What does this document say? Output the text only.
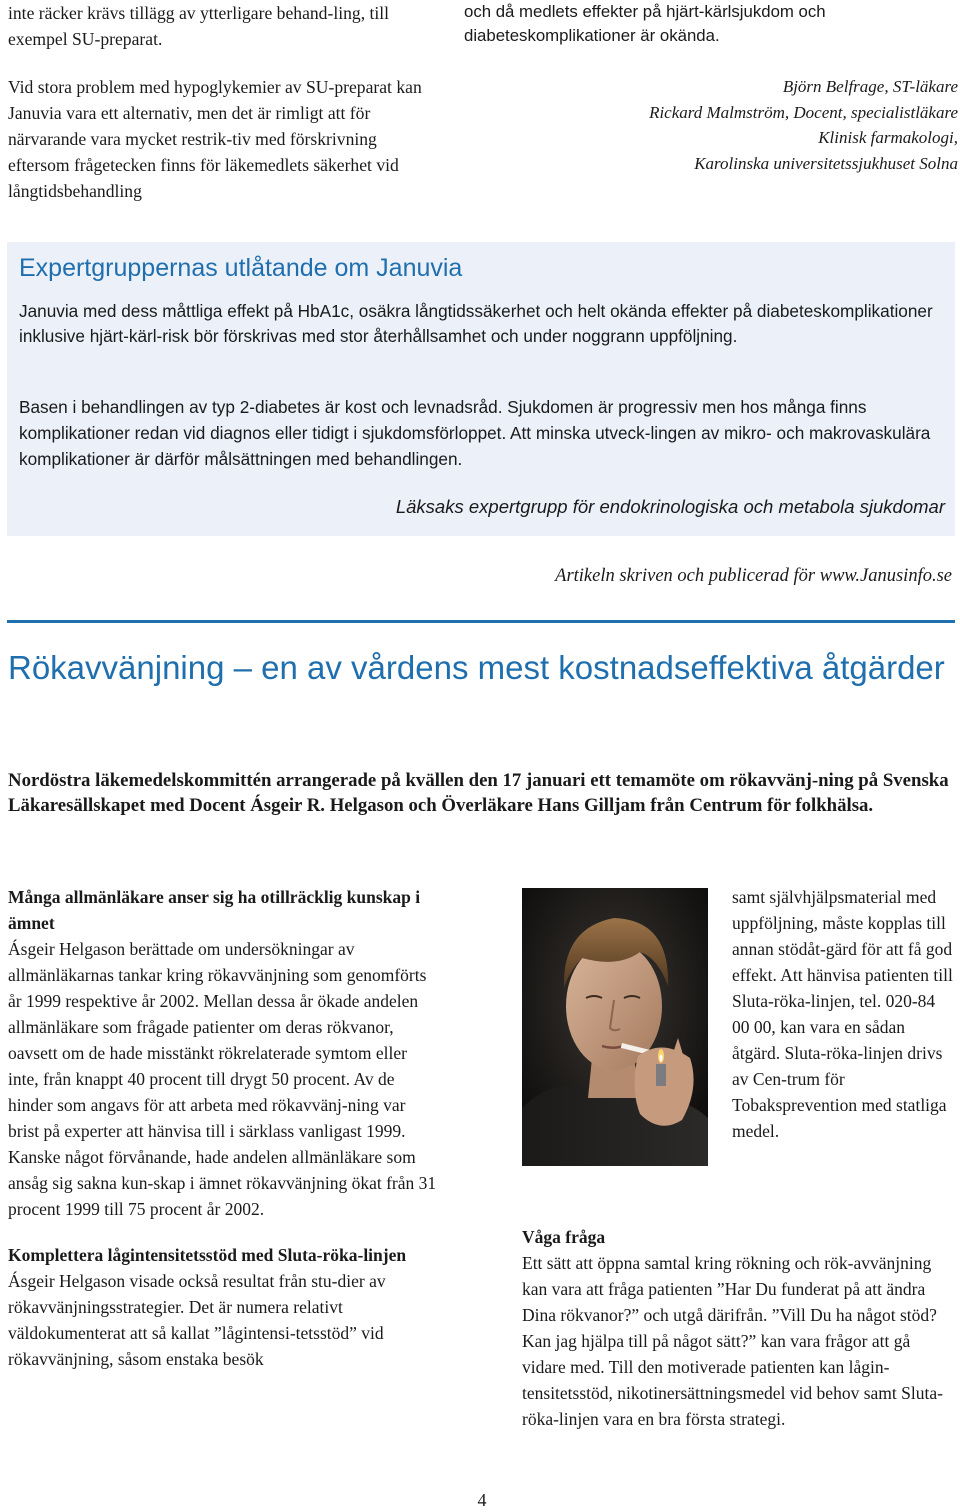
inte räcker krävs tillägg av ytterligare behand-ling, till exempel SU-preparat.

Vid stora problem med hypoglykemier av SU-preparat kan Januvia vara ett alternativ, men det är rimligt att för närvarande vara mycket restrik-tiv med förskrivning eftersom frågetecken finns för läkemedlets säkerhet vid långtidsbehandling

och då medlets effekter på hjärt-kärlsjukdom och diabeteskomplikationer är okända.

Björn Belfrage, ST-läkare
Rickard Malmström, Docent, specialistläkare
Klinisk farmakologi,
Karolinska universitetssjukhuset Solna
Expertgruppernas utlåtande om Januvia

Januvia med dess måttliga effekt på HbA1c, osäkra långtidssäkerhet och helt okända effekter på diabeteskomplikationer inklusive hjärt-kärl-risk bör förskrivas med stor återhållsamhet och under noggrann uppföljning.

Basen i behandlingen av typ 2-diabetes är kost och levnadsråd. Sjukdomen är progressiv men hos många finns komplikationer redan vid diagnos eller tidigt i sjukdomsförloppet. Att minska utveck-lingen av mikro- och makrovaskulära komplikationer är därför målsättningen med behandlingen.

Läksaks expertgrupp för endokrinologiska och metabola sjukdomar
Artikeln skriven och publicerad för www.Janusinfo.se
Rökavvänjning – en av vårdens mest kostnadseffektiva åtgärder

Nordöstra läkemedelskommittén arrangerade på kvällen den 17 januari ett temamöte om rökavvänj-ning på Svenska Läkaresällskapet med Docent Ásgeir R. Helgason och Överläkare Hans Gilljam från Centrum för folkhälsa.

Många allmänläkare anser sig ha otillräcklig kunskap i ämnet

Ásgeir Helgason berättade om undersökningar av allmänläkarnas tankar kring rökavvänjning som genomförts år 1999 respektive år 2002. Mellan dessa år ökade andelen allmänläkare som frågade patienter om deras rökvanor, oavsett om de hade misstänkt rökrelaterade symtom eller inte, från knappt 40 procent till drygt 50 procent. Av de hinder som angavs för att arbeta med rökavvänj-ning var brist på experter att hänvisa till i särklass vanligast 1999. Kanske något förvånande, hade andelen allmänläkare som ansåg sig sakna kun-skap i ämnet rökavvänjning ökat från 31 procent 1999 till 75 procent år 2002.

Komplettera lågintensitetsstöd med Sluta-röka-linjen

Ásgeir Helgason visade också resultat från stu-dier av rökavvänjningsstrategier. Det är numera relativt väldokumenterat att så kallat ”lågintensi-tetsstöd” vid rökavvänjning, såsom enstaka besök

samt självhjälpsmaterial med uppföljning, måste kopplas till annan stödåt-gärd för att få god effekt. Att hänvisa patienten till Sluta-röka-linjen, tel. 020-84 00 00, kan vara en sådan åtgärd. Sluta-röka-linjen drivs av Cen-trum för Tobaksprevention med statliga medel.

Våga fråga

Ett sätt att öppna samtal kring rökning och rök-avvänjning kan vara att fråga patienten ”Har Du funderat på att ändra Dina rökvanor?” och utgå därifrån. ”Vill Du ha något stöd? Kan jag hjälpa till på något sätt?” kan vara frågor att gå vidare med. Till den motiverade patienten kan lågin-tensitetsstöd, nikotinersättningsmedel vid behov samt Sluta-röka-linjen vara en bra första strategi.

4
